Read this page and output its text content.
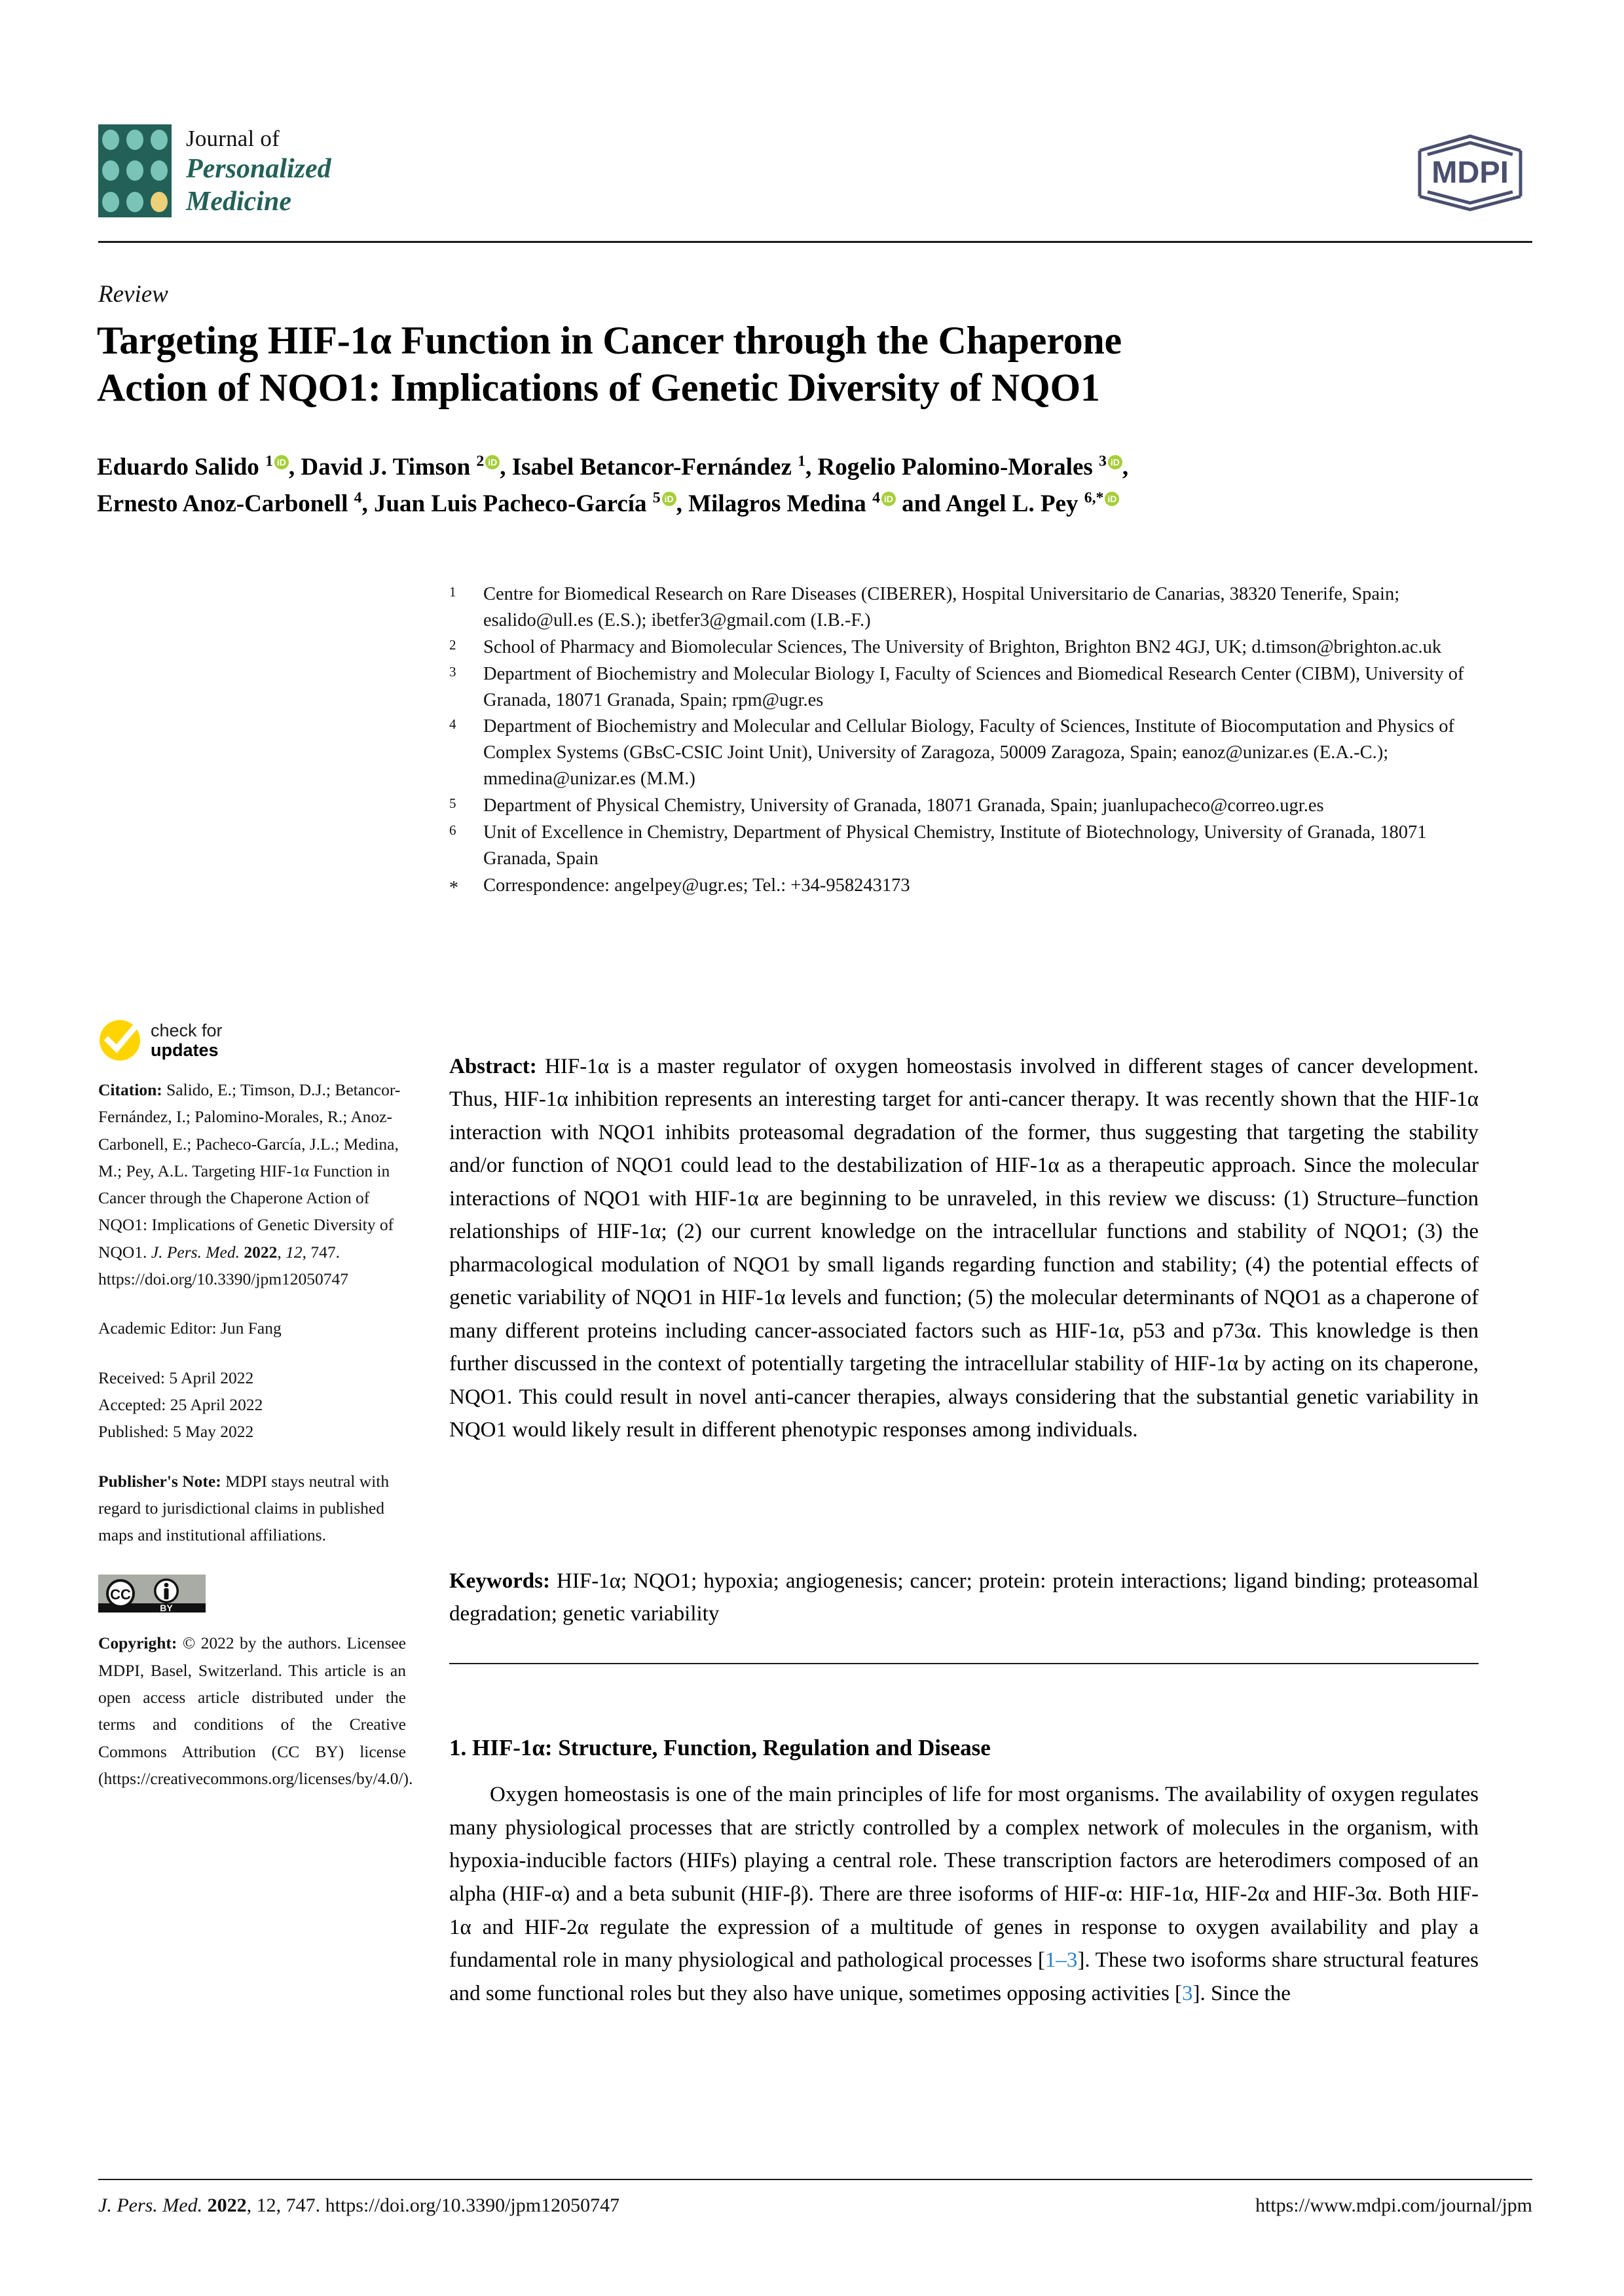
Journal of
Personalized
Medicine
MDPI
Review
Targeting HIF-1α Function in Cancer through the Chaperone
Action of NQO1: Implications of Genetic Diversity of NQO1
Eduardo Salido $^1$ iD , David J. Timson $^2$ iD , Isabel Betancor-Fernández $^1$, Rogelio Palomino-Morales $^3$ iD ,
Ernesto Anoz-Carbonell $^4$, Juan Luis Pacheco-García $^5$ iD , Milagros Medina $^4$iD and Angel L. Pey $^{6,*}$iD
1	Centre for Biomedical Research on Rare Diseases (CIBERER), Hospital Universitario de Canarias, 38320 Tenerife, Spain; esalido@ull.es (E.S.); ibetfer3@gmail.com (I.B.-F.)
2	School of Pharmacy and Biomolecular Sciences, The University of Brighton, Brighton BN2 4GJ, UK; d.timson@brighton.ac.uk
3	Department of Biochemistry and Molecular Biology I, Faculty of Sciences and Biomedical Research Center (CIBM), University of Granada, 18071 Granada, Spain; rpm@ugr.es
4	Department of Biochemistry and Molecular and Cellular Biology, Faculty of Sciences, Institute of Biocomputation and Physics of Complex Systems (GBsC-CSIC Joint Unit), University of Zaragoza, 50009 Zaragoza, Spain; eanoz@unizar.es (E.A.-C.); mmedina@unizar.es (M.M.)
5	Department of Physical Chemistry, University of Granada, 18071 Granada, Spain; juanlupacheco@correo.ugr.es
6	Unit of Excellence in Chemistry, Department of Physical Chemistry, Institute of Biotechnology, University of Granada, 18071 Granada, Spain
*	Correspondence: angelpey@ugr.es; Tel.: +34-958243173
Abstract: HIF-1α is a master regulator of oxygen homeostasis involved in different stages of cancer development. Thus, HIF-1α inhibition represents an interesting target for anti-cancer therapy. It was recently shown that the HIF-1α interaction with NQO1 inhibits proteasomal degradation of the former, thus suggesting that targeting the stability and/or function of NQO1 could lead to the destabilization of HIF-1α as a therapeutic approach. Since the molecular interactions of NQO1 with HIF-1α are beginning to be unraveled, in this review we discuss: (1) Structure–function relationships of HIF-1α; (2) our current knowledge on the intracellular functions and stability of NQO1; (3) the pharmacological modulation of NQO1 by small ligands regarding function and stability; (4) the potential effects of genetic variability of NQO1 in HIF-1α levels and function; (5) the molecular determinants of NQO1 as a chaperone of many different proteins including cancer-associated factors such as HIF-1α, p53 and p73α. This knowledge is then further discussed in the context of potentially targeting the intracellular stability of HIF-1α by acting on its chaperone, NQO1. This could result in novel anti-cancer therapies, always considering that the substantial genetic variability in NQO1 would likely result in different phenotypic responses among individuals.
Keywords: HIF-1α; NQO1; hypoxia; angiogenesis; cancer; protein: protein interactions; ligand binding; proteasomal degradation; genetic variability
1. HIF-1α: Structure, Function, Regulation and Disease
Oxygen homeostasis is one of the main principles of life for most organisms. The availability of oxygen regulates many physiological processes that are strictly controlled by a complex network of molecules in the organism, with hypoxia-inducible factors (HIFs) playing a central role. These transcription factors are heterodimers composed of an alpha (HIF-α) and a beta subunit (HIF-β). There are three isoforms of HIF-α: HIF-1α, HIF-2α and HIF-3α. Both HIF-1α and HIF-2α regulate the expression of a multitude of genes in response to oxygen availability and play a fundamental role in many physiological and pathological processes [1–3]. These two isoforms share structural features and some functional roles but they also have unique, sometimes opposing activities [3]. Since the
check for
updates
Citation: Salido, E.; Timson, D.J.; Betancor-Fernández, I.; Palomino-Morales, R.; Anoz-Carbonell, E.; Pacheco-García, J.L.; Medina, M.; Pey, A.L. Targeting HIF-1α Function in Cancer through the Chaperone Action of NQO1: Implications of Genetic Diversity of NQO1. J. Pers. Med. 2022, 12, 747. https://doi.org/10.3390/jpm12050747
Academic Editor: Jun Fang
Received: 5 April 2022
Accepted: 25 April 2022
Published: 5 May 2022
Publisher's Note: MDPI stays neutral with regard to jurisdictional claims in published maps and institutional affiliations.
CC
BY
Copyright: © 2022 by the authors. Licensee MDPI, Basel, Switzerland. This article is an open access article distributed under the terms and conditions of the Creative Commons Attribution (CC BY) license (https://creativecommons.org/licenses/by/4.0/).
J. Pers. Med. 2022, 12, 747. https://doi.org/10.3390/jpm12050747	https://www.mdpi.com/journal/jpm
